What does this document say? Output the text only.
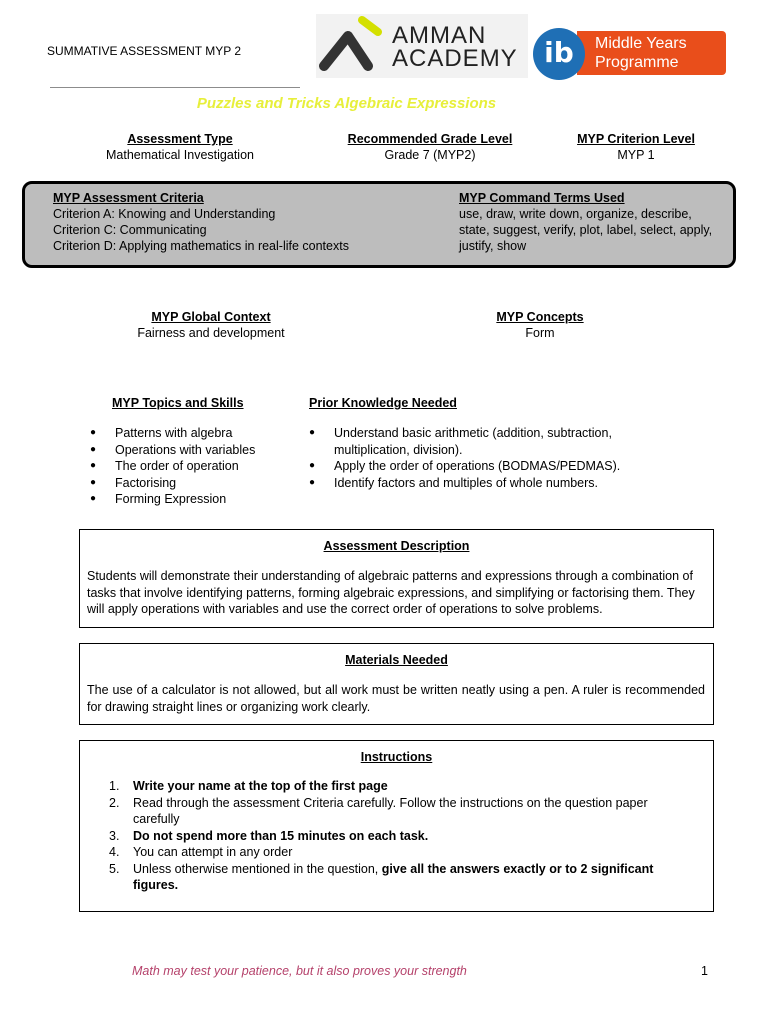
SUMMATIVE ASSESSMENT MYP 2
AMMAN
ACADEMY
Middle Years
Programme
ib
Puzzles and Tricks Algebraic Expressions
Assessment Type
Mathematical Investigation
Recommended Grade Level
Grade 7 (MYP2)
MYP Criterion Level
MYP 1
MYP Assessment Criteria
Criterion A: Knowing and Understanding
Criterion C: Communicating
Criterion D: Applying mathematics in real-life contexts
MYP Command Terms Used
use, draw, write down, organize, describe,
state, suggest, verify, plot, label, select, apply,
justify, show
MYP Global Context
Fairness and development
MYP Concepts
Form
MYP Topics and Skills
● Patterns with algebra
● Operations with variables
● The order of operation
● Factorising
● Forming Expression
Prior Knowledge Needed
● Understand basic arithmetic (addition, subtraction, multiplication, division).
● Apply the order of operations (BODMAS/PEDMAS).
● Identify factors and multiples of whole numbers.
Assessment Description
Students will demonstrate their understanding of algebraic patterns and expressions through a combination of tasks that involve identifying patterns, forming algebraic expressions, and simplifying or factorising them. They will apply operations with variables and use the correct order of operations to solve problems.
Materials Needed
The use of a calculator is not allowed, but all work must be written neatly using a pen. A ruler is recommended for drawing straight lines or organizing work clearly.
Instructions
1. Write your name at the top of the first page
2. Read through the assessment Criteria carefully. Follow the instructions on the question paper carefully
3. Do not spend more than 15 minutes on each task.
4. You can attempt in any order
5. Unless otherwise mentioned in the question, give all the answers exactly or to 2 significant figures.
Math may test your patience, but it also proves your strength	1
